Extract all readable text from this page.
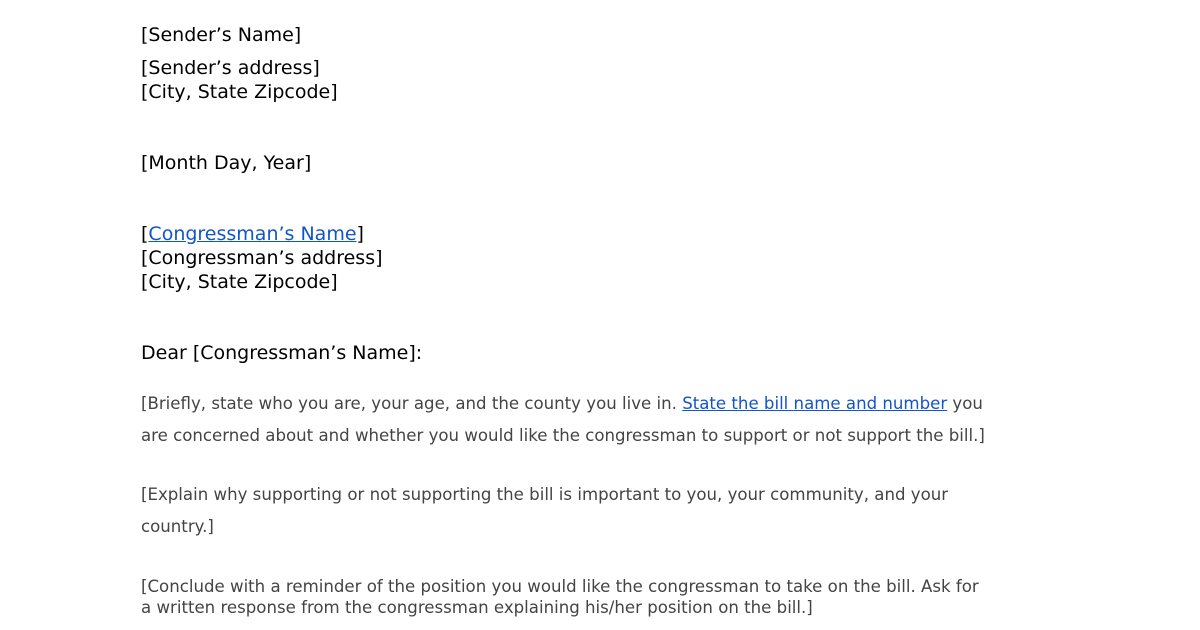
[Sender’s Name]
[Sender’s address]
[City, State Zipcode]
[Month Day, Year]
[Congressman’s Name]
[Congressman’s address]
[City, State Zipcode]
Dear [Congressman’s Name]:
[Briefly, state who you are, your age, and the county you live in. State the bill name and number you
are concerned about and whether you would like the congressman to support or not support the bill.]
[Explain why supporting or not supporting the bill is important to you, your community, and your
country.]
[Conclude with a reminder of the position you would like the congressman to take on the bill. Ask for
a written response from the congressman explaining his/her position on the bill.]
